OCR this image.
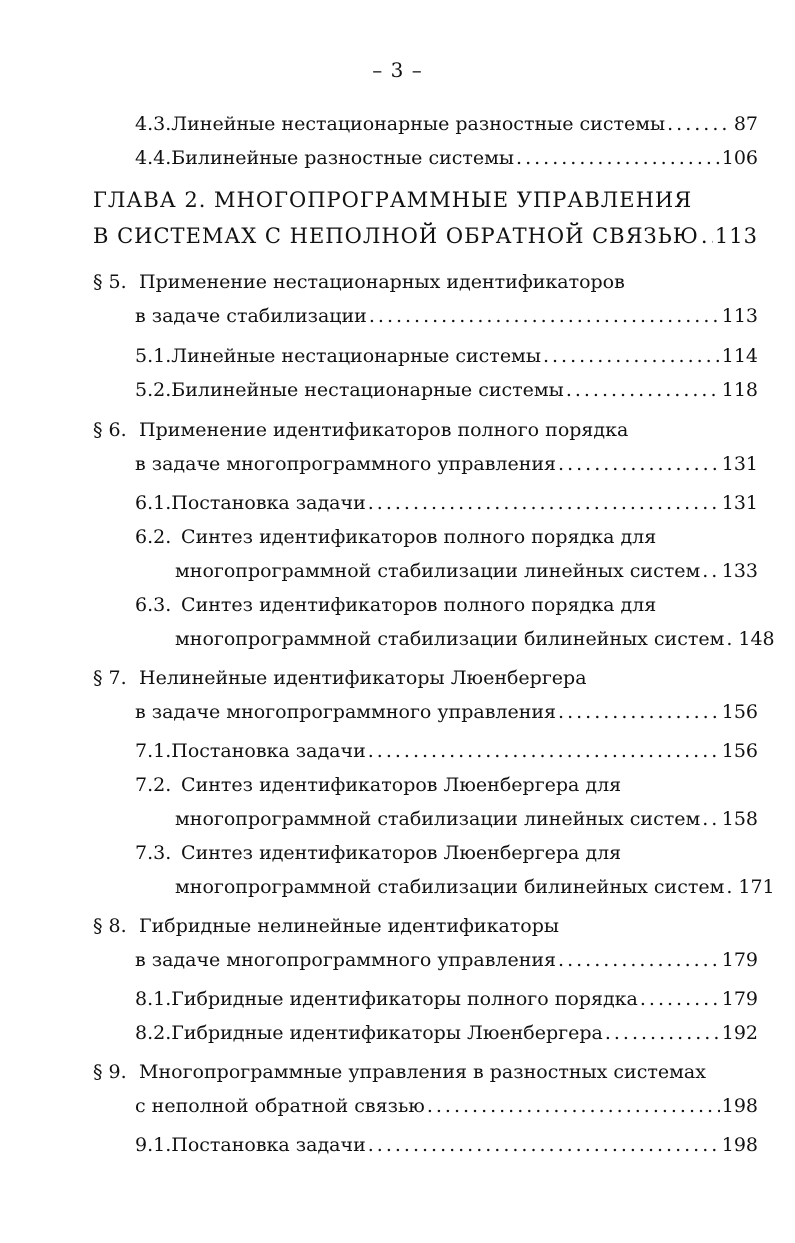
– 3 –
4.3. Линейные нестационарные разностные системы .....	87
4.4. Билинейные разностные системы .....	106
ГЛАВА 2. МНОГОПРОГРАММНЫЕ УПРАВЛЕНИЯ
В СИСТЕМАХ С НЕПОЛНОЙ ОБРАТНОЙ СВЯЗЬЮ ..... 113
§ 5. Применение нестационарных идентификаторов
в задаче стабилизации .....	113
5.1. Линейные нестационарные системы .....	114
5.2. Билинейные нестационарные системы .....	118
§ 6. Применение идентификаторов полного порядка
в задаче многопрограммного управления .....	131
6.1. Постановка задачи .....	131
6.2. Синтез идентификаторов полного порядка для
многопрограммной стабилизации линейных систем ..... 133
6.3. Синтез идентификаторов полного порядка для
многопрограммной стабилизации билинейных систем ..... 148
§ 7. Нелинейные идентификаторы Люенбергера
в задаче многопрограммного управления .....	156
7.1. Постановка задачи .....	156
7.2. Синтез идентификаторов Люенбергера для
многопрограммной стабилизации линейных систем ..... 158
7.3. Синтез идентификаторов Люенбергера для
многопрограммной стабилизации билинейных систем ..... 171
§ 8. Гибридные нелинейные идентификаторы
в задаче многопрограммного управления .....	179
8.1. Гибридные идентификаторы полного порядка .....	179
8.2. Гибридные идентификаторы Люенбергера .....	192
§ 9. Многопрограммные управления в разностных системах
с неполной обратной связью .....	198
9.1. Постановка задачи .....	198
